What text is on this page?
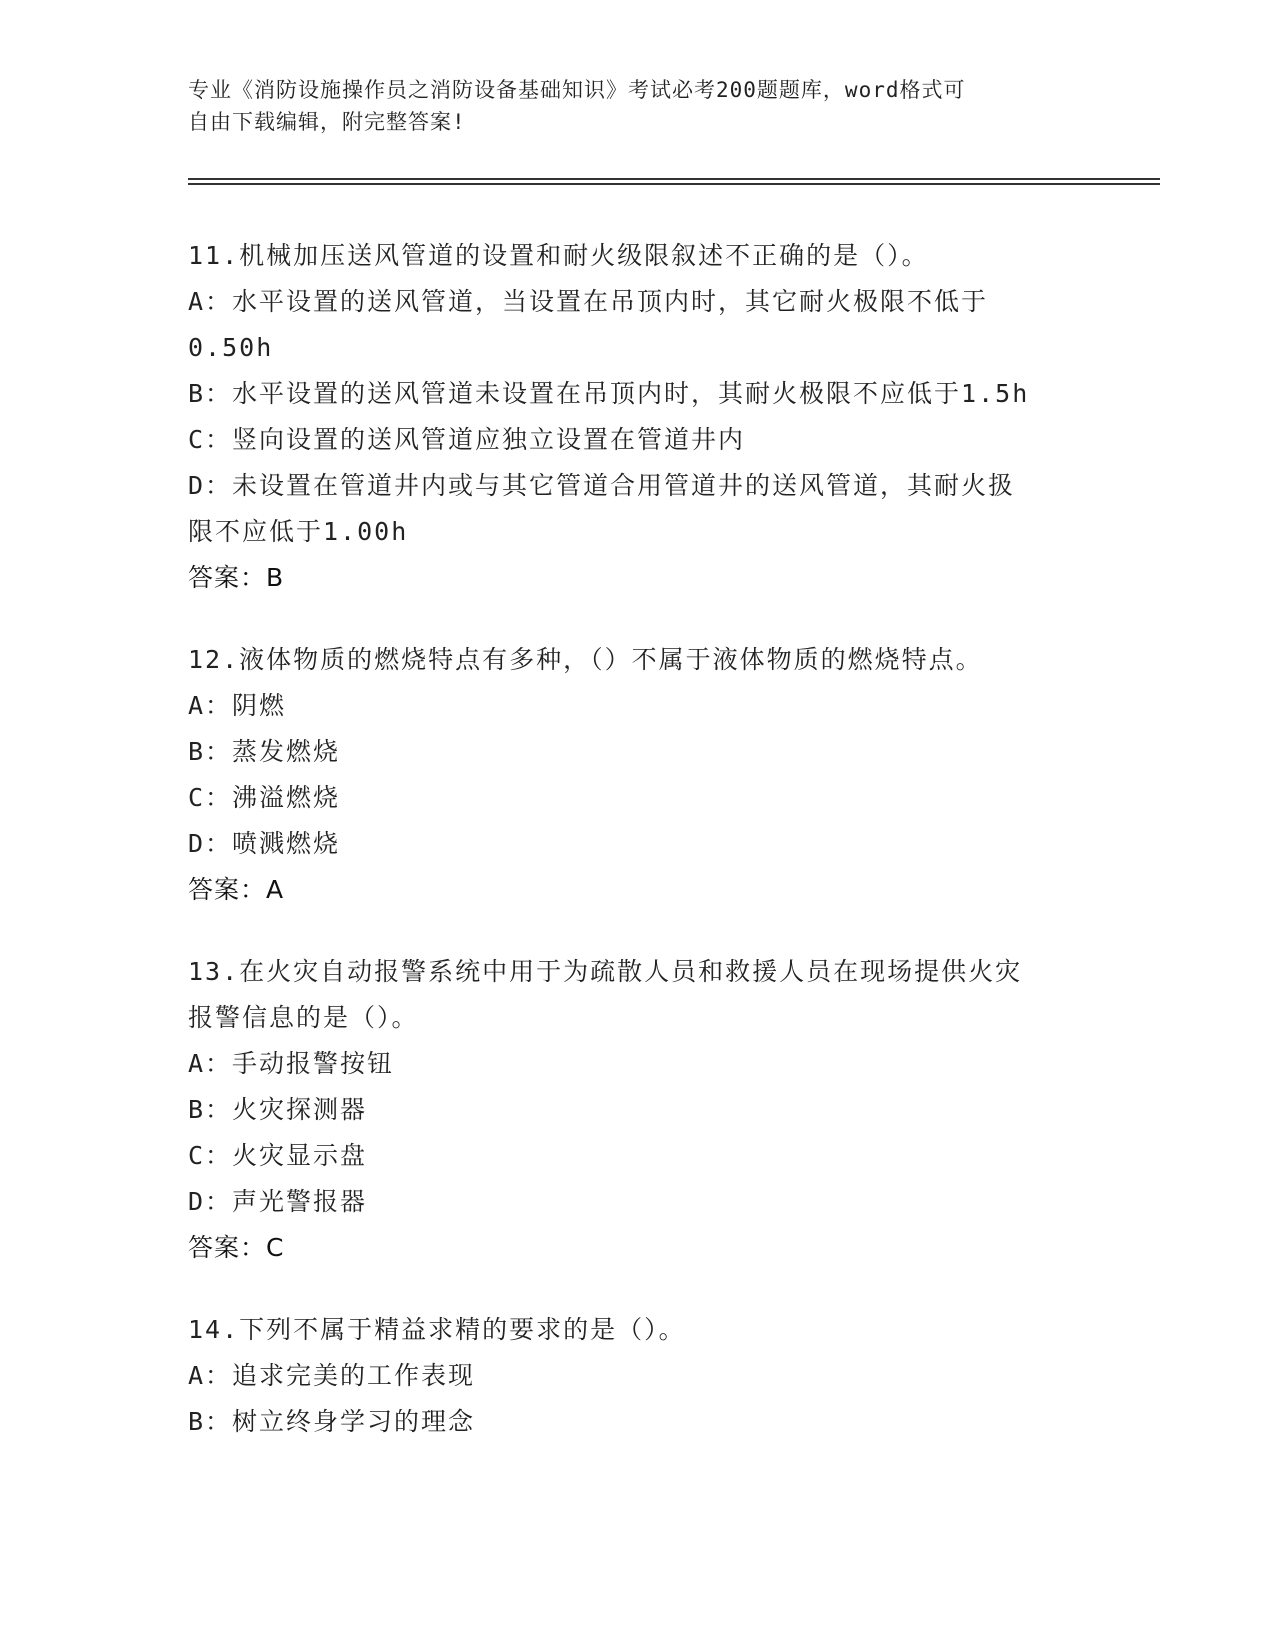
专业《消防设施操作员之消防设备基础知识》考试必考200题题库，word格式可

自由下载编辑，附完整答案!

11.机械加压送风管道的设置和耐火级限叙述不正确的是（）。
A：水平设置的送风管道，当设置在吊顶内时，其它耐火极限不低于
0.50h
B：水平设置的送风管道未设置在吊顶内时，其耐火极限不应低于1.5h
C：竖向设置的送风管道应独立设置在管道井内
D：未设置在管道井内或与其它管道合用管道井的送风管道，其耐火扱
限不应低于1.00h
答案：B
12.液体物质的燃烧特点有多种，（）不属于液体物质的燃烧特点。
A：阴燃
B：蒸发燃烧
C：沸溢燃烧
D：喷溅燃烧
答案：A
13.在火灾自动报警系统中用于为疏散人员和救援人员在现场提供火灾
报警信息的是（）。
A：手动报警按钮
B：火灾探测器
C：火灾显示盘
D：声光警报器
答案：C
14.下列不属于精益求精的要求的是（）。
A：追求完美的工作表现
B：树立终身学习的理念
